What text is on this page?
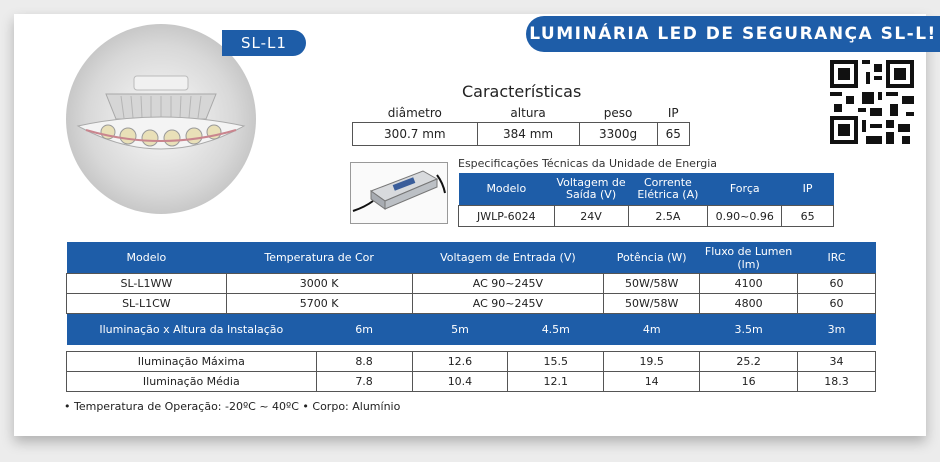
SL-L1	LUMINÁRIA LED DE SEGURANÇA SL-L!
Características
diâmetro	altura	peso	IP
300.7 mm	384 mm	3300g	65
Especificações Técnicas da Unidade de Energia
Modelo	Voltagem de Saída (V)	Corrente Elétrica (A)	Força	IP
JWLP-6024	24V	2.5A	0.90~0.96	65
Modelo	Temperatura de Cor		Voltagem de Entrada (V)		Potência (W)	Fluxo de Lumen (lm)	IRC
SL-L1WW	3000 K		AC 90~245V		50W/58W	4100	60
SL-L1CW	5700 K		AC 90~245V		50W/58W	4800	60
Iluminação x Altura da Instalação		6m	5m	4.5m	4m	3.5m	3m

Iluminação Máxima		8.8	12.6	15.5	19.5	25.2	34
Iluminação Média		7.8	10.4	12.1	14	16	18.3
• Temperatura de Operação: -20ºC ~ 40ºC • Corpo: Alumínio
